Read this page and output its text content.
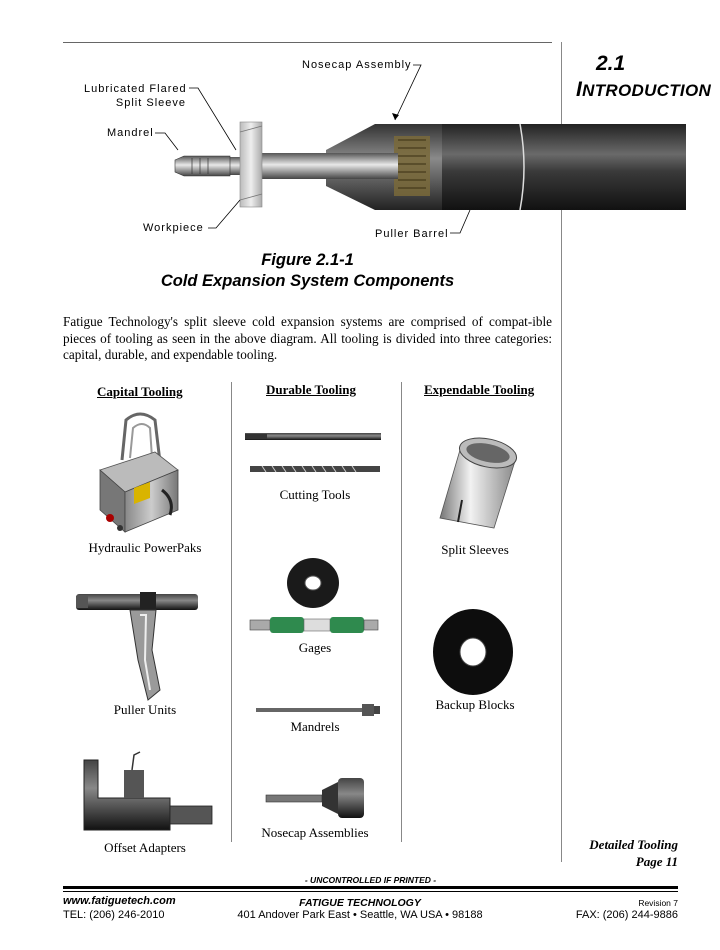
2.1
INTRODUCTION
Nosecap Assembly
Lubricated Flared
Split Sleeve
Mandrel
Workpiece	Puller Barrel
Figure 2.1-1
Cold Expansion System Components
Fatigue Technology's split sleeve cold expansion systems are comprised of compat-ible pieces of tooling as seen in the above diagram. All tooling is divided into three categories: capital, durable, and expendable tooling.
Capital Tooling	Durable Tooling	Expendable Tooling
Hydraulic PowerPaks
Puller Units
Offset Adapters
Cutting Tools
Gages
Mandrels
Nosecap Assemblies
Split Sleeves
Backup Blocks
Detailed Tooling
Page 11
- UNCONTROLLED IF PRINTED -
www.fatiguetech.com	FATIGUE TECHNOLOGY	Revision 7
TEL: (206) 246-2010	401 Andover Park East • Seattle, WA USA • 98188	FAX: (206) 244-9886
